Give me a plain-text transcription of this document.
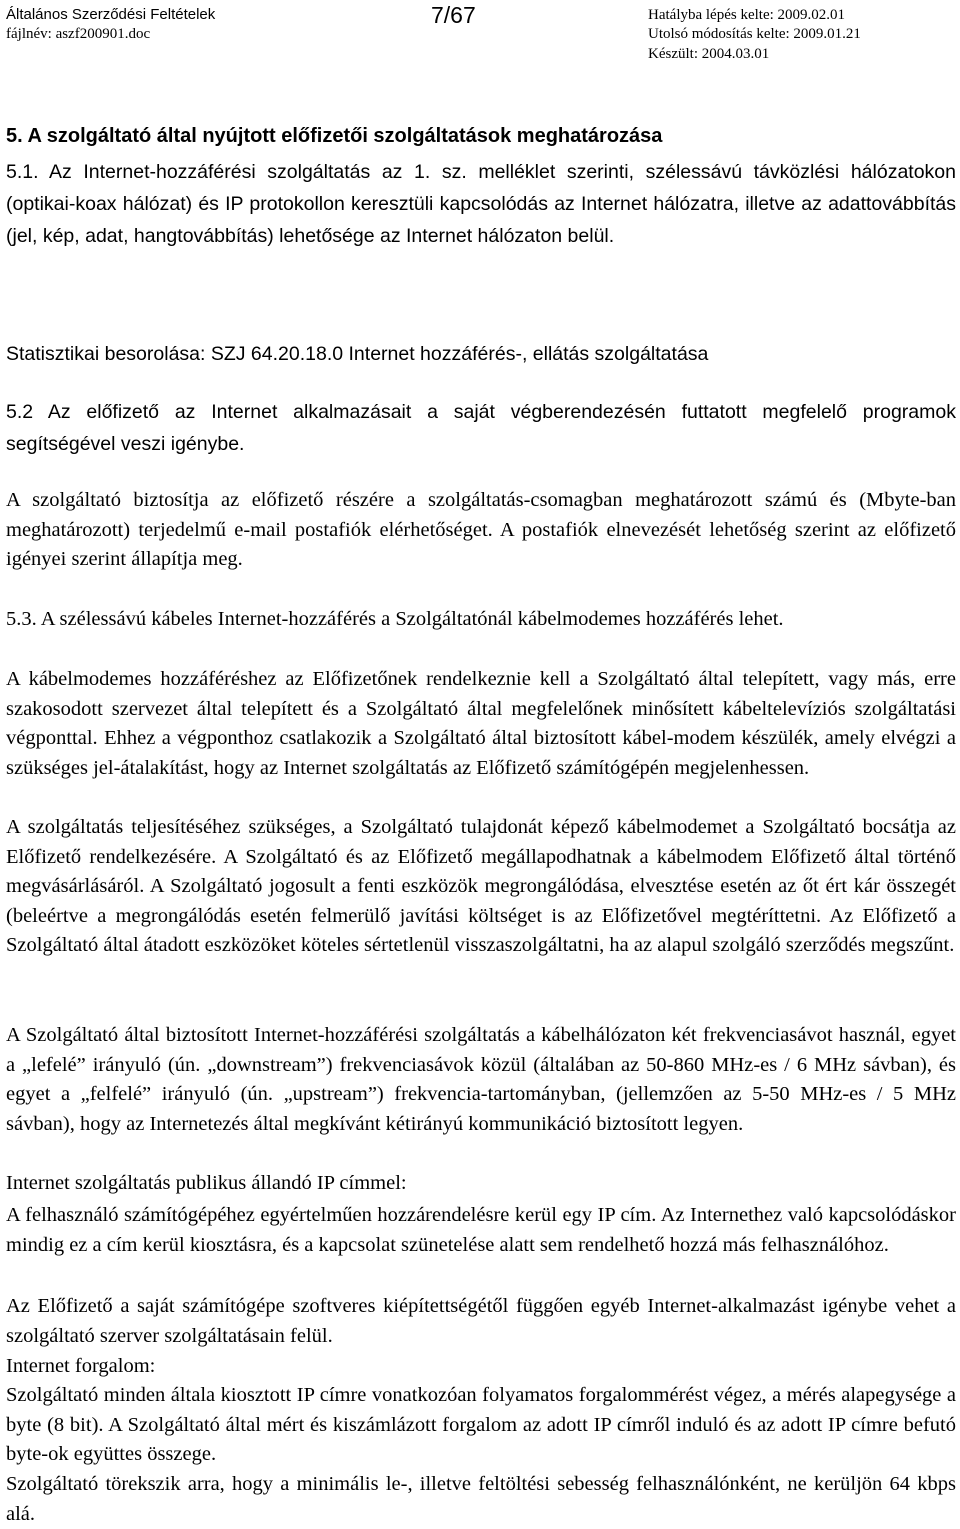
Általános Szerződési Feltételek
fájlnév: aszf200901.doc
7/67	Hatályba lépés kelte: 2009.02.01
Utolsó módosítás kelte: 2009.01.21
Készült: 2004.03.01
5. A szolgáltató által nyújtott előfizetői szolgáltatások meghatározása

5.1. Az Internet-hozzáférési szolgáltatás az 1. sz. melléklet szerinti, szélessávú távközlési hálózatokon (optikai-koax hálózat) és IP protokollon keresztüli kapcsolódás az Internet hálózatra, illetve az adattovábbítás (jel, kép, adat, hangtovábbítás) lehetősége az Internet hálózaton belül.

Statisztikai besorolása: SZJ 64.20.18.0 Internet hozzáférés-, ellátás szolgáltatása

5.2 Az előfizető az Internet alkalmazásait a saját végberendezésén futtatott megfelelő programok segítségével veszi igénybe.

A szolgáltató biztosítja az előfizető részére a szolgáltatás-csomagban meghatározott számú és (Mbyte-ban meghatározott) terjedelmű e-mail postafiók elérhetőséget. A postafiók elnevezését lehetőség szerint az előfizető igényei szerint állapítja meg.

5.3. A szélessávú kábeles Internet-hozzáférés a Szolgáltatónál kábelmodemes hozzáférés lehet.

A kábelmodemes hozzáféréshez az Előfizetőnek rendelkeznie kell a Szolgáltató által telepített, vagy más, erre szakosodott szervezet által telepített és a Szolgáltató által megfelelőnek minősített kábeltelevíziós szolgáltatási végponttal. Ehhez a végponthoz csatlakozik a Szolgáltató által biztosított kábel-modem készülék, amely elvégzi a szükséges jel-átalakítást, hogy az Internet szolgáltatás az Előfizető számítógépén megjelenhessen.

A szolgáltatás teljesítéséhez szükséges, a Szolgáltató tulajdonát képező kábelmodemet a Szolgáltató bocsátja az Előfizető rendelkezésére. A Szolgáltató és az Előfizető megállapodhatnak a kábelmodem Előfizető által történő megvásárlásáról. A Szolgáltató jogosult a fenti eszközök megrongálódása, elvesztése esetén az őt ért kár összegét (beleértve a megrongálódás esetén felmerülő javítási költséget is az Előfizetővel megtéríttetni. Az Előfizető a Szolgáltató által átadott eszközöket köteles sértetlenül visszaszolgáltatni, ha az alapul szolgáló szerződés megszűnt.

A Szolgáltató által biztosított Internet-hozzáférési szolgáltatás a kábelhálózaton két frekvenciasávot használ, egyet a „lefelé” irányuló (ún. „downstream”) frekvenciasávok közül (általában az 50-860 MHz-es / 6 MHz sávban), és egyet a „felfelé” irányuló (ún. „upstream”) frekvencia-tartományban, (jellemzően az 5-50 MHz-es / 5 MHz sávban), hogy az Internetezés által megkívánt kétirányú kommunikáció biztosított legyen.

Internet szolgáltatás publikus állandó IP címmel:

A felhasználó számítógépéhez egyértelműen hozzárendelésre kerül egy IP cím. Az Internethez való kapcsolódáskor mindig ez a cím kerül kiosztásra, és a kapcsolat szünetelése alatt sem rendelhető hozzá más felhasználóhoz.

Az Előfizető a saját számítógépe szoftveres kiépítettségétől függően egyéb Internet-alkalmazást igénybe vehet a szolgáltató szerver szolgáltatásain felül.

Internet forgalom:

Szolgáltató minden általa kiosztott IP címre vonatkozóan folyamatos forgalommérést végez, a mérés alapegysége a byte (8 bit). A Szolgáltató által mért és kiszámlázott forgalom az adott IP címről induló és az adott IP címre befutó byte-ok együttes összege.

Szolgáltató törekszik arra, hogy a minimális le-, illetve feltöltési sebesség felhasználónként, ne kerüljön 64 kbps alá.
